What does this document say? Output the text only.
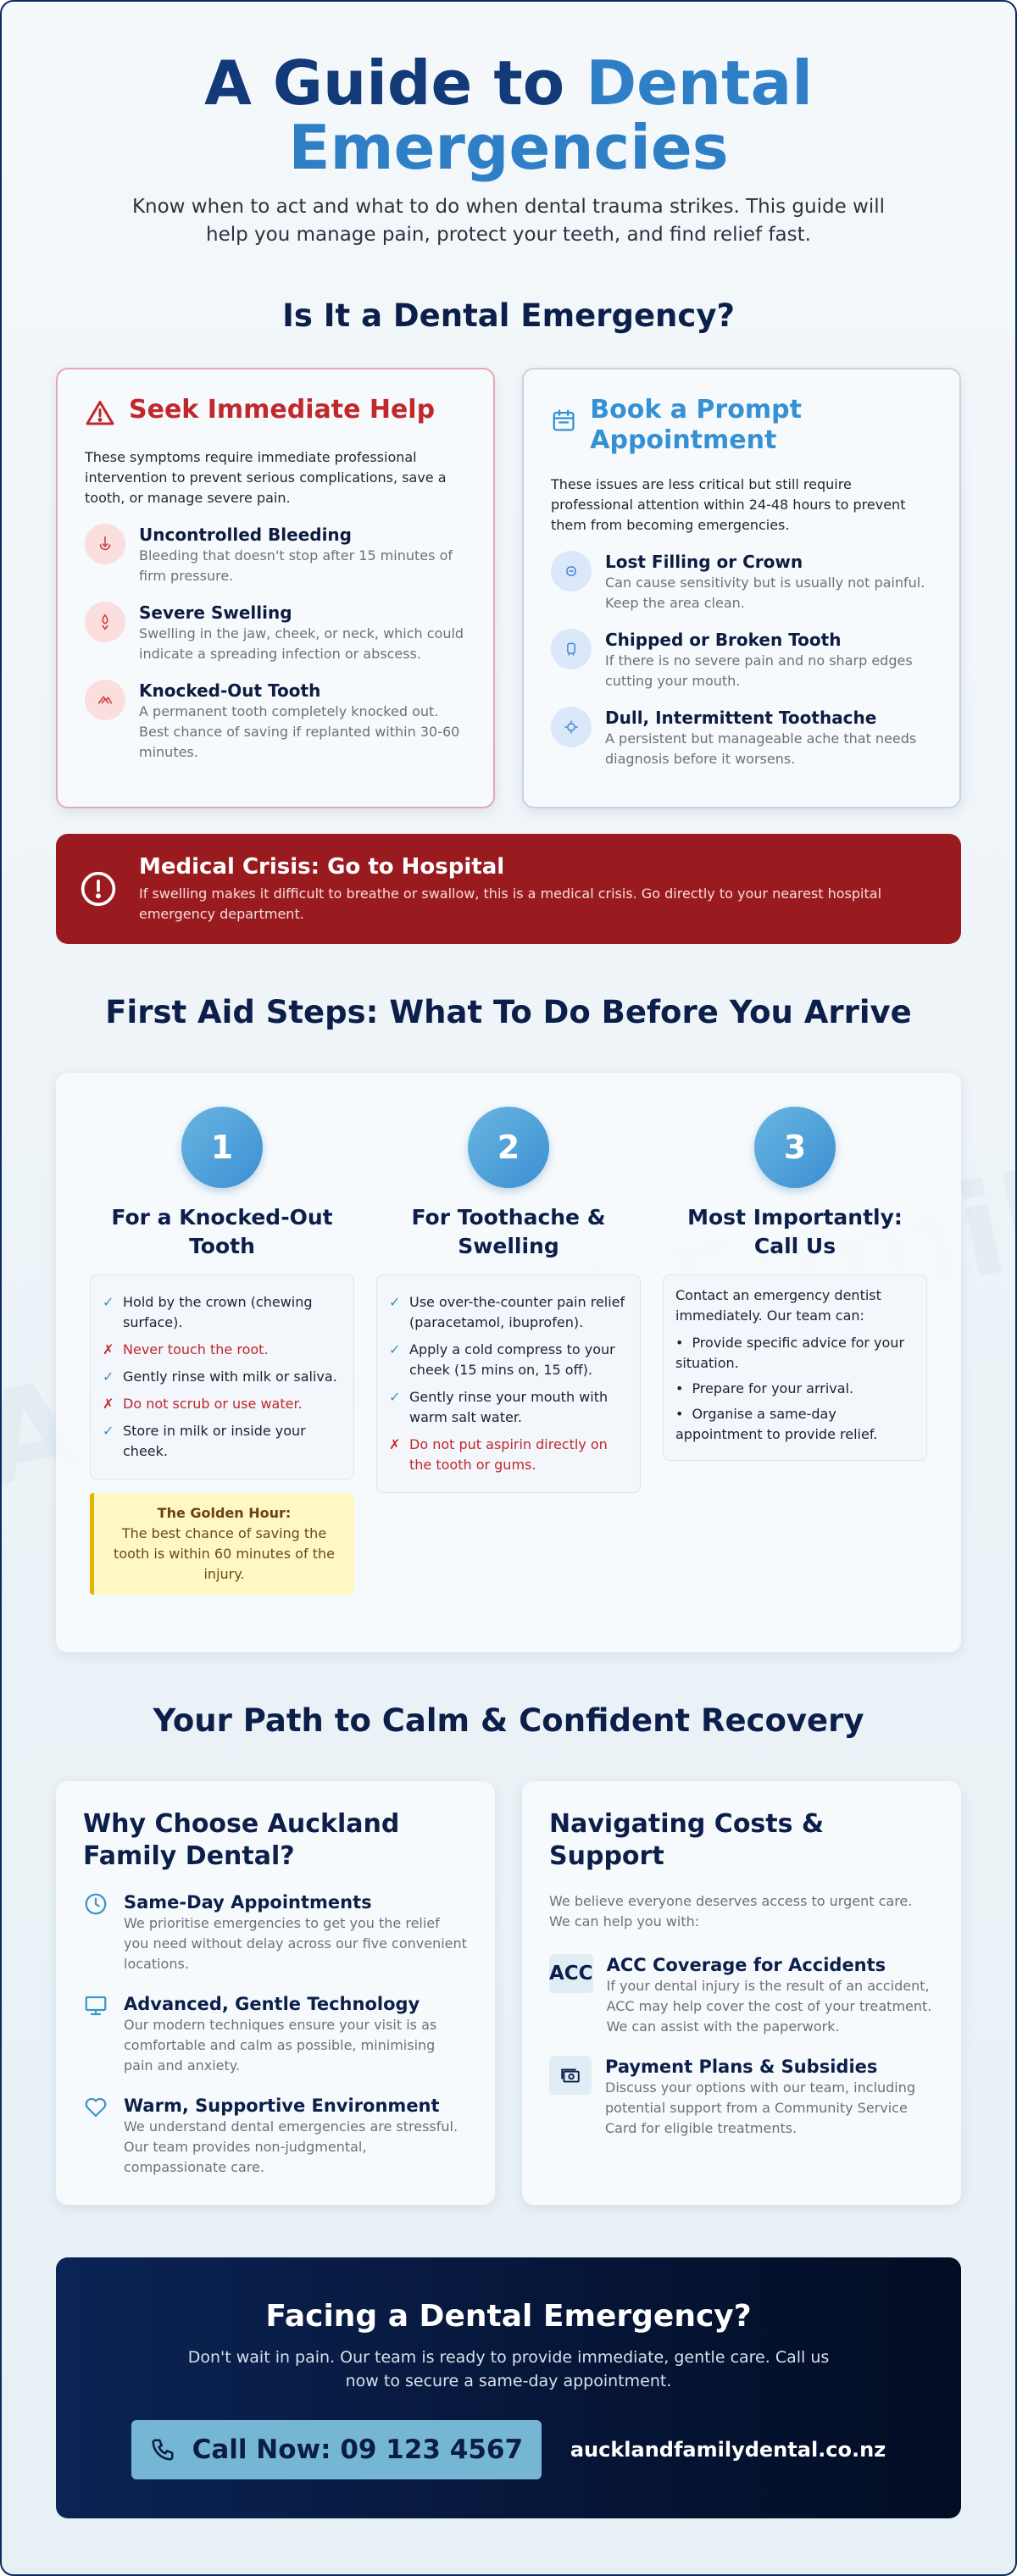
A Guide to Dental Emergencies

Know when to act and what to do when dental trauma strikes. This guide will help you manage pain, protect your teeth, and find relief fast.

Is It a Dental Emergency?
Seek Immediate Help

These symptoms require immediate professional intervention to prevent serious complications, save a tooth, or manage severe pain.

Uncontrolled Bleeding
Bleeding that doesn't stop after 15 minutes of firm pressure.
Severe Swelling
Swelling in the jaw, cheek, or neck, which could indicate a spreading infection or abscess.
Knocked-Out Tooth
A permanent tooth completely knocked out. Best chance of saving if replanted within 30-60 minutes.
Book a Prompt Appointment

These issues are less critical but still require professional attention within 24-48 hours to prevent them from becoming emergencies.

Lost Filling or Crown
Can cause sensitivity but is usually not painful. Keep the area clean.
Chipped or Broken Tooth
If there is no severe pain and no sharp edges cutting your mouth.
Dull, Intermittent Toothache
A persistent but manageable ache that needs diagnosis before it worsens.
Medical Crisis: Go to Hospital
If swelling makes it difficult to breathe or swallow, this is a medical crisis. Go directly to your nearest hospital emergency department.
First Aid Steps: What To Do Before You Arrive
1
For a Knocked-Out Tooth
✓ Hold by the crown (chewing surface).
✗ Never touch the root.
✓ Gently rinse with milk or saliva.
✗ Do not scrub or use water.
✓ Store in milk or inside your cheek.
The Golden Hour:
The best chance of saving the tooth is within 60 minutes of the injury.
2
For Toothache & Swelling
✓ Use over-the-counter pain relief (paracetamol, ibuprofen).
✓ Apply a cold compress to your cheek (15 mins on, 15 off).
✓ Gently rinse your mouth with warm salt water.
✗ Do not put aspirin directly on the tooth or gums.
3
Most Importantly: Call Us

Contact an emergency dentist immediately. Our team can:

• Provide specific advice for your situation.
• Prepare for your arrival.
• Organise a same-day appointment to provide relief.
Your Path to Calm & Confident Recovery
Why Choose Auckland Family Dental?
Same-Day Appointments
We prioritise emergencies to get you the relief you need without delay across our five convenient locations.
Advanced, Gentle Technology
Our modern techniques ensure your visit is as comfortable and calm as possible, minimising pain and anxiety.
Warm, Supportive Environment
We understand dental emergencies are stressful. Our team provides non-judgmental, compassionate care.
Navigating Costs & Support

We believe everyone deserves access to urgent care. We can help you with:

ACC ACC Coverage for Accidents
If your dental injury is the result of an accident, ACC may help cover the cost of your treatment. We can assist with the paperwork.
Payment Plans & Subsidies
Discuss your options with our team, including potential support from a Community Service Card for eligible treatments.
Facing a Dental Emergency?

Don't wait in pain. Our team is ready to provide immediate, gentle care. Call us now to secure a same-day appointment.

Call Now: 09 123 4567 aucklandfamilydental.co.nz
